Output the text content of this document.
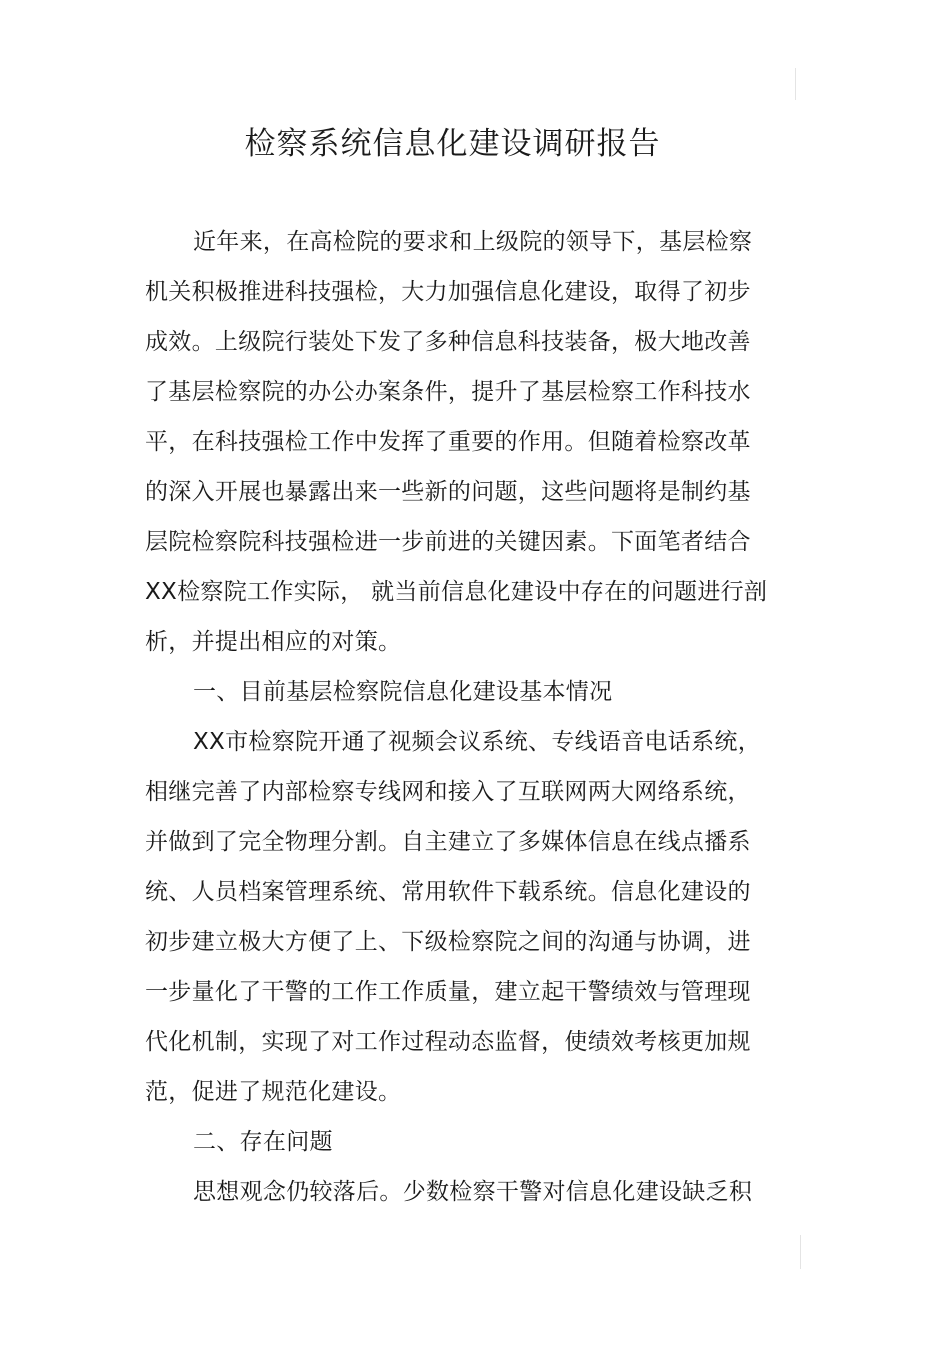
检察系统信息化建设调研报告
近年来，在高检院的要求和上级院的领导下，基层检察
机关积极推进科技强检，大力加强信息化建设，取得了初步
成效。上级院行装处下发了多种信息科技装备，极大地改善
了基层检察院的办公办案条件，提升了基层检察工作科技水
平，在科技强检工作中发挥了重要的作用。但随着检察改革
的深入开展也暴露出来一些新的问题，这些问题将是制约基
层院检察院科技强检进一步前进的关键因素。下面笔者结合
XX检察院工作实际， 就当前信息化建设中存在的问题进行剖
析，并提出相应的对策。
一、目前基层检察院信息化建设基本情况
XX市检察院开通了视频会议系统、专线语音电话系统，
相继完善了内部检察专线网和接入了互联网两大网络系统，
并做到了完全物理分割。自主建立了多媒体信息在线点播系
统、人员档案管理系统、常用软件下载系统。信息化建设的
初步建立极大方便了上、下级检察院之间的沟通与协调，进
一步量化了干警的工作工作质量，建立起干警绩效与管理现
代化机制，实现了对工作过程动态监督，使绩效考核更加规
范，促进了规范化建设。
二、存在问题
思想观念仍较落后。少数检察干警对信息化建设缺乏积
